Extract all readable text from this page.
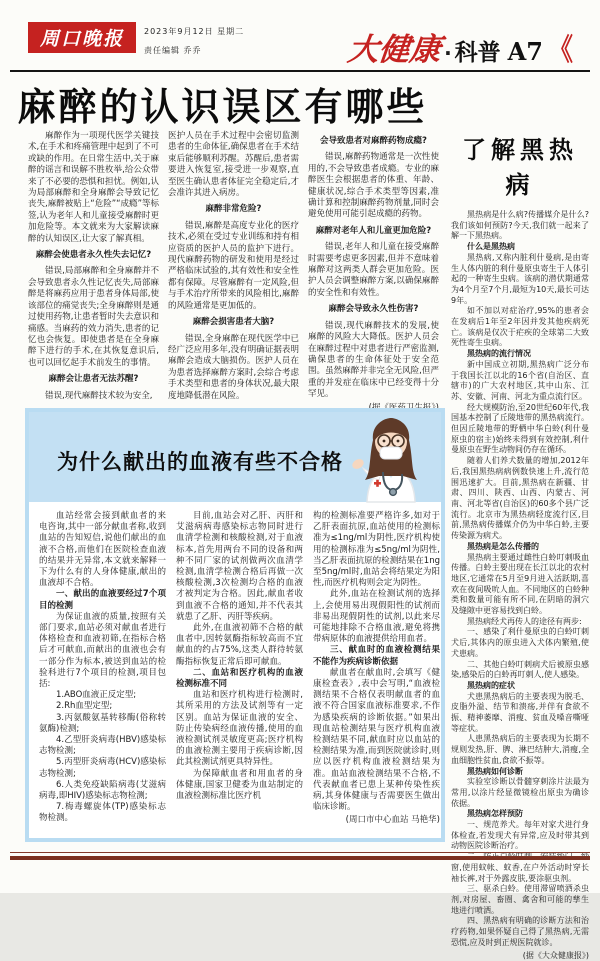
周口晚报	2023年9月12日 星期二
责任编辑 乔乔	大健康 · 科普 A7 《
麻醉的认识误区有哪些

麻醉作为一项现代医学关键技术,在手术和疼痛管理中起到了不可或缺的作用。在日常生活中,关于麻醉的谣言和误解不胜枚举,给公众带来了不必要的恐惧和担忧。例如,认为局部麻醉和全身麻醉会导致记忆丧失,麻醉被贴上“危险”“成瘾”等标签,认为老年人和儿童接受麻醉时更加危险等。本文就来为大家解读麻醉的认知误区,让大家了解真相。

麻醉会使患者永久性失去记忆?

错误,局部麻醉和全身麻醉并不会导致患者永久性记忆丧失,局部麻醉是将麻药应用于患者身体局部,使该部位的痛觉丧失;全身麻醉则是通过使用药物,让患者暂时失去意识和痛感。当麻药的效力消失,患者的记忆也会恢复。即使患者是在全身麻醉下进行的手术,在其恢复意识后,也可以回忆起手术前发生的事情。

麻醉会让患者无法苏醒?

错误,现代麻醉技术较为安全,

医护人员在手术过程中会密切监测患者的生命体征,确保患者在手术结束后能够顺利苏醒。苏醒后,患者需要进入恢复室,接受进一步观察,直至医生确认患者体征完全稳定后,才会准许其进入病房。

麻醉非常危险?

错误,麻醉是高度专业化的医疗技术,必须在受过专业训练和持有相应资质的医护人员的监护下进行。现代麻醉药物的研发和使用是经过严格临床试验的,其有效性和安全性都有保障。尽管麻醉有一定风险,但与手术治疗所带来的风险相比,麻醉的风险通常是更加低的。

麻醉会损害患者大脑?

错误,全身麻醉在现代医学中已经广泛应用多年,没有明确证据表明麻醉会造成大脑损伤。医护人员在为患者选择麻醉方案时,会综合考虑手术类型和患者的身体状况,最大限度地降低潜在风险。

会导致患者对麻醉药物成瘾?

错误,麻醉药物通常是一次性使用的,不会导致患者成瘾。专业的麻醉医生会根据患者的体重、年龄、健康状况,综合手术类型等因素,准确计算和控制麻醉药物剂量,同时会避免使用可能引起成瘾的药物。

麻醉对老年人和儿童更加危险?

错误,老年人和儿童在接受麻醉时需要考虑更多因素,但并不意味着麻醉对这两类人群会更加危险。医护人员会调整麻醉方案,以确保麻醉的安全性和有效性。

麻醉会导致永久性伤害?

错误,现代麻醉技术的发展,使麻醉的风险大大降低。医护人员会在麻醉过程中对患者进行严密监测,确保患者的生命体征处于安全范围。虽然麻醉并非完全无风险,但严重的并发症在临床中已经变得十分罕见。

了解黑热病

黑热病是什么病?传播媒介是什么?我们该如何预防?今天,我们就一起来了解一下黑热病。

什么是黑热病

黑热病,又称内脏利什曼病,是由寄生人体内脏的利什曼原虫寄生于人体引起的一种寄生虫病。该病的潜伏期通常为4个月至7个月,最短为10天,最长可达9年。

如不加以对症治疗,95%的患者会在发病后1年至2年因并发其他疾病死亡。该病是仅次于疟疾的全球第二大致死性寄生虫病。

黑热病的流行情况

新中国成立初期,黑热病广泛分布于我国长江以北的16个省(自治区、直辖市)的广大农村地区,其中山东、江苏、安徽、河南、河北为重点流行区。

经大规模防治,至20世纪60年代,我国基本控制了丘陵地带的黑热病流行。但因丘陵地带的野栖中华白蛉(利什曼原虫的宿主)始终未得到有效控制,利什曼原虫在野生动物间仍存在循环。

随着人们养犬数量的增加,2012年后,我国黑热病病例数快速上升,流行范围迅速扩大。目前,黑热病在新疆、甘肃、四川、陕西、山西、内蒙古、河南、河北等省(自治区)的60多个县广泛流行。北京市为黑热病轻度流行区,目前,黑热病传播媒介仍为中华白蛉,主要传染源为病犬。

黑热病是怎么传播的

黑热病主要通过雌性白蛉叮刺吸血传播。白蛉主要出现在长江以北的农村地区,它通常在5月至9月进入活跃期,喜欢在夜间吸吮人血。不同地区的白蛉种类和数量可能有所不同,在阴暗的洞穴及缝隙中更容易找到白蛉。

黑热病经犬再传人的途径有两步:

一、感染了利什曼原虫的白蛉叮刺犬后,其体内的原虫进入犬体内繁殖,使犬患病。

二、其他白蛉叮刺病犬后被原虫感染,感染后的白蛉再叮刺人,使人感染。

黑热病的症状

犬患黑热病后的主要表现为脱毛、皮脂外溢、结节和溃疡,并伴有食欲不振、精神萎靡、消瘦、贫血及嗓音嘶哑等症状。

人患黑热病后的主要表现为长期不规则发热,肝、脾、淋巴结肿大,消瘦,全血细胞性贫血,食欲不振等。

黑热病如何诊断

实验室诊断以骨髓穿刺涂片法最为常用,以涂片经显微镜检出原虫为确诊依据。

黑热病怎样预防

一、规范养犬。每年对家犬进行身体检查,若发现犬有异常,应及时带其到动物医院诊断治疗。

二、防止白蛉叮刺。安装纱门、纱窗,使用蚊帐、蚊香,在户外活动时穿长袖长裤,对于外露皮肤,要涂驱虫剂。

三、驱杀白蛉。使用滞留喷洒杀虫剂,对房屋、畜圈、禽舍和可能的孳生地进行喷洒。

四、黑热病有明确的诊断方法和治疗药物,如果怀疑自己得了黑热病,无需恐慌,应及时到正规医院就诊。

(据《大众健康报》)

为什么献出的血液有些不合格

血站经常会接到献血者的来电咨询,其中一部分献血者称,收到血站的告知短信,说他们献出的血液不合格,而他们在医院检查血液的结果并无异常,本文就来解释一下为什么有的人身体健康,献出的血液却不合格。

一、献出的血液要经过7个项目的检测

为保证血液的质量,按照有关部门要求,血站必须对献血者进行体格检查和血液初筛,在指标合格后才可献血,而献出的血液也会有一部分作为标本,被送到血站的检验科进行7个项目的检测,项目包括:

1.ABO血液正反定型;

2.Rh血型定型;

3.丙氨酸氨基转移酶(俗称转氨酶)检测;

4.乙型肝炎病毒(HBV)感染标志物检测;

5.丙型肝炎病毒(HCV)感染标志物检测;

6.人类免疫缺陷病毒(艾滋病病毒,即HIV)感染标志物检测;

7.梅毒螺旋体(TP)感染标志物检测。

目前,血站会对乙肝、丙肝和艾滋病病毒感染标志物同时进行血清学检测和核酸检测,对于血液标本,首先用两台不同的设备和两种不同厂家的试剂做两次血清学检测,血清学检测合格后再做一次核酸检测,3次检测均合格的血液才被判定为合格。因此,献血者收到血液不合格的通知,并不代表其就患了乙肝、丙肝等疾病。

此外,在血液初筛不合格的献血者中,因转氨酶指标较高而不宜献血的约占75%,这类人群待转氨酶指标恢复正常后即可献血。

二、血站和医疗机构的血液检测标准不同

血站和医疗机构进行检测时,其所采用的方法及试剂等有一定区别。血站为保证血液的安全、防止传染病经血液传播,使用的血液检测试剂灵敏度更高;医疗机构的血液检测主要用于疾病诊断,因此其检测试剂更具特异性。

为保障献血者和用血者的身体健康,国家卫健委为血站制定的血液检测标准比医疗机

构的检测标准要严格许多,如对于乙肝表面抗原,血站使用的检测标准为≤1ng/ml为阴性,医疗机构使用的检测标准为≤5ng/ml为阴性,当乙肝表面抗原的检测结果在1ng至5ng/ml时,血站会将结果定为阳性,而医疗机构则会定为阴性。

此外,血站在检测试剂的选择上,会使用易出现假阳性的试剂而非易出现假阴性的试剂,以此来尽可能地排除不合格血液,避免将携带病原体的血液提供给用血者。

三、献血时的血液检测结果不能作为疾病诊断依据

献血者在献血时,会填写《健康检查表》,表中会写明,“血液检测结果不合格仅表明献血者的血液不符合国家血液标准要求,不作为感染疾病的诊断依据。”如果出现血站检测结果与医疗机构血液检测结果不同,献血时应以血站的检测结果为准,而到医院就诊时,则应以医疗机构血液检测结果为准。血站血液检测结果不合格,不代表献血者已患上某种传染性疾病,其身体健康与否需要医生做出临床诊断。

(周口市中心血站 马艳华)
